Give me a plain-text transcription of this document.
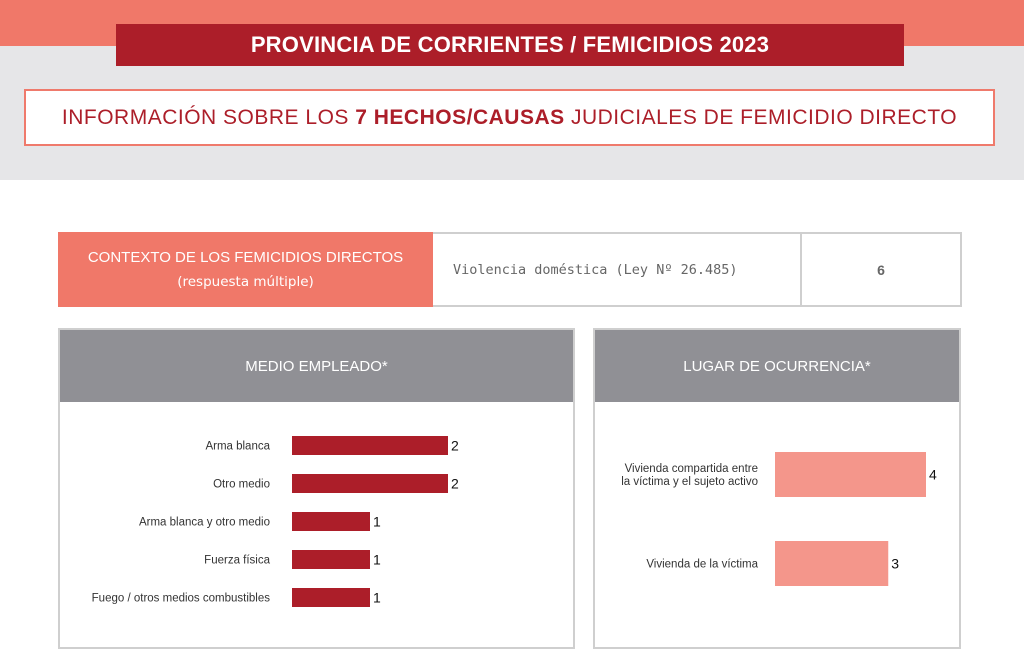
PROVINCIA DE CORRIENTES / FEMICIDIOS 2023
INFORMACIÓN SOBRE LOS 7 HECHOS/CAUSAS JUDICIALES DE FEMICIDIO DIRECTO
CONTEXTO DE LOS FEMICIDIOS DIRECTOS
(respuesta múltiple)
Violencia doméstica (Ley Nº 26.485)	6
MEDIO EMPLEADO*
2
Arma blanca
2
Otro medio
1
Arma blanca y otro medio
1
Fuerza física
1
Fuego / otros medios combustibles
LUGAR DE OCURRENCIA*
4
Vivienda compartida entre la víctima y el sujeto activo
3
Vivienda de la víctima
